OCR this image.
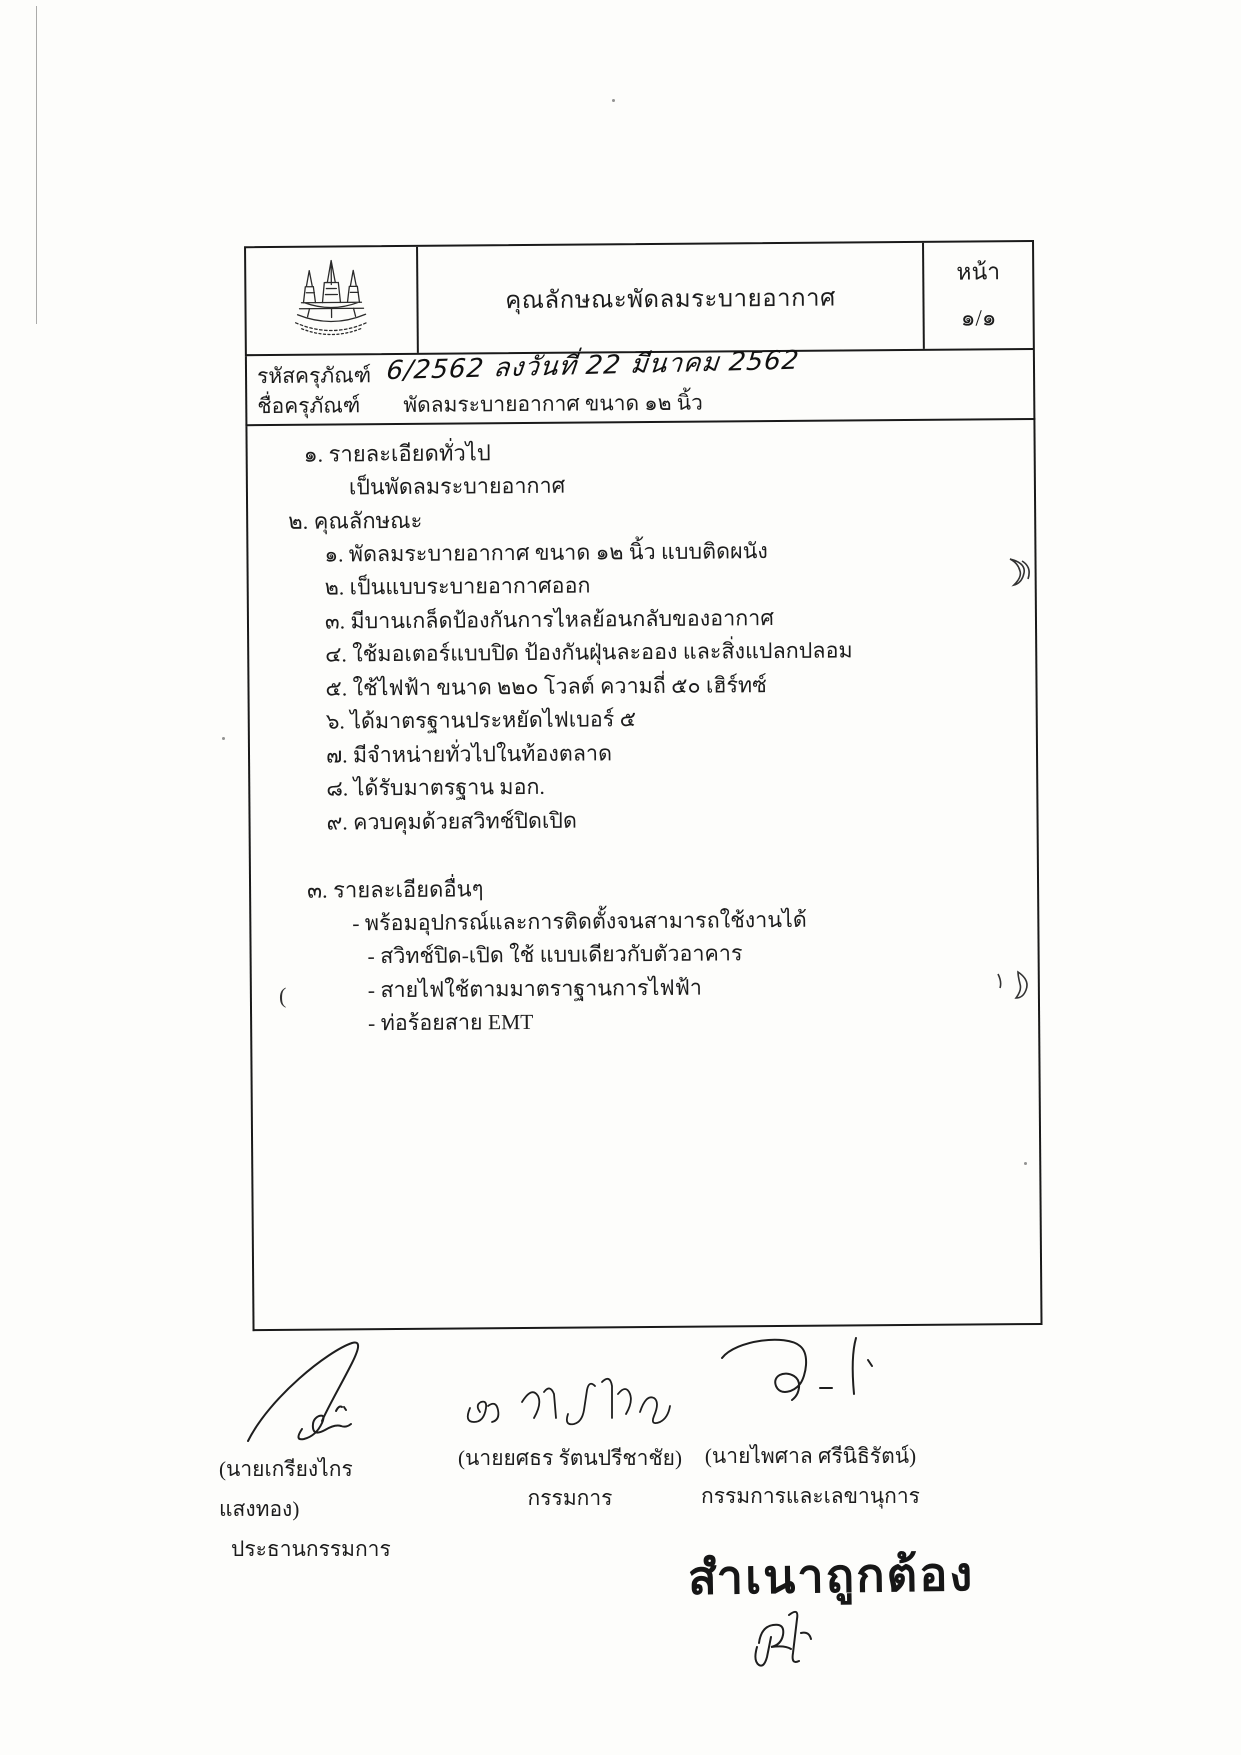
(
คุณลักษณะพัดลมระบายอากาศ
หน้า
๑/๑
รหัสครุภัณฑ์ 6/2562 ลงวันที่ 22 มีนาคม 2562
ชื่อครุภัณฑ์	พัดลมระบายอากาศ ขนาด ๑๒ นิ้ว
๑. รายละเอียดทั่วไป
เป็นพัดลมระบายอากาศ
๒. คุณลักษณะ
๑. พัดลมระบายอากาศ ขนาด ๑๒ นิ้ว แบบติดผนัง
๒. เป็นแบบระบายอากาศออก
๓. มีบานเกล็ดป้องกันการไหลย้อนกลับของอากาศ
๔. ใช้มอเตอร์แบบปิด ป้องกันฝุ่นละออง และสิ่งแปลกปลอม
๕. ใช้ไฟฟ้า ขนาด ๒๒๐ โวลต์ ความถี่ ๕๐ เฮิร์ทซ์
๖. ได้มาตรฐานประหยัดไฟเบอร์ ๕
๗. มีจำหน่ายทั่วไปในท้องตลาด
๘. ได้รับมาตรฐาน มอก.
๙. ควบคุมด้วยสวิทช์ปิดเปิด
๓. รายละเอียดอื่นๆ
- พร้อมอุปกรณ์และการติดตั้งจนสามารถใช้งานได้
- สวิทช์ปิด-เปิด ใช้ แบบเดียวกับตัวอาคาร
- สายไฟใช้ตามมาตราฐานการไฟฟ้า
- ท่อร้อยสาย EMT
(นายเกรียงไกร แสงทอง)
ประธานกรรมการ
(นายยศธร รัตนปรีชาชัย)
กรรมการ
(นายไพศาล ศรีนิธิรัตน์)
กรรมการและเลขานุการ
สำเนาถูกต้อง
